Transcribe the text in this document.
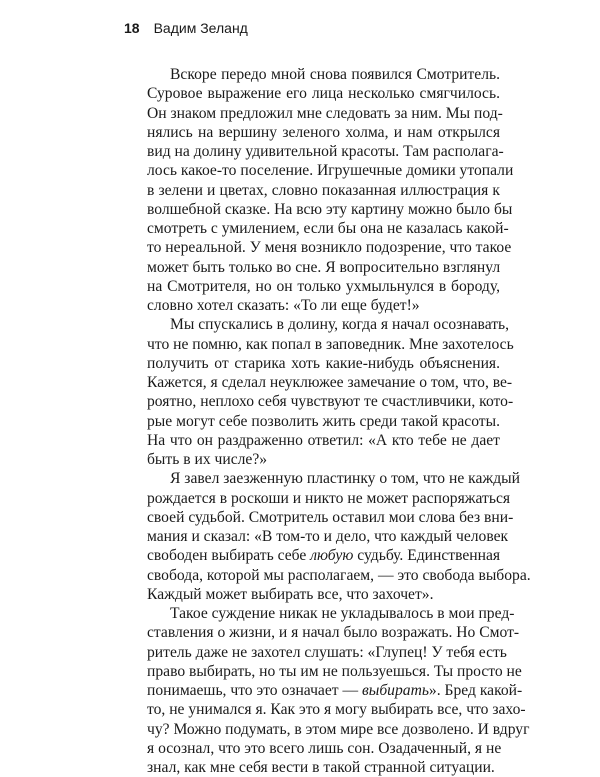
18 Вадим Зеланд
Вскоре передо мной снова появился Смотритель.
Суровое выражение его лица несколько смягчилось.
Он знаком предложил мне следовать за ним. Мы под-
нялись на вершину зеленого холма, и нам открылся
вид на долину удивительной красоты. Там располага-
лось какое-то поселение. Игрушечные домики утопали
в зелени и цветах, словно показанная иллюстрация к
волшебной сказке. На всю эту картину можно было бы
смотреть с умилением, если бы она не казалась какой-
то нереальной. У меня возникло подозрение, что такое
может быть только во сне. Я вопросительно взглянул
на Смотрителя, но он только ухмыльнулся в бороду,
словно хотел сказать: «То ли еще будет!»
Мы спускались в долину, когда я начал осознавать,
что не помню, как попал в заповедник. Мне захотелось
получить от старика хоть какие-нибудь объяснения.
Кажется, я сделал неуклюжее замечание о том, что, ве-
роятно, неплохо себя чувствуют те счастливчики, кото-
рые могут себе позволить жить среди такой красоты.
На что он раздраженно ответил: «А кто тебе не дает
быть в их числе?»
Я завел заезженную пластинку о том, что не каждый
рождается в роскоши и никто не может распоряжаться
своей судьбой. Смотритель оставил мои слова без вни-
мания и сказал: «В том-то и дело, что каждый человек
свободен выбирать себе любую судьбу. Единственная
свобода, которой мы располагаем, — это свобода выбора.
Каждый может выбирать все, что захочет».
Такое суждение никак не укладывалось в мои пред-
ставления о жизни, и я начал было возражать. Но Смот-
ритель даже не захотел слушать: «Глупец! У тебя есть
право выбирать, но ты им не пользуешься. Ты просто не
понимаешь, что это означает — выбирать». Бред какой-
то, не унимался я. Как это я могу выбирать все, что захо-
чу? Можно подумать, в этом мире все дозволено. И вдруг
я осознал, что это всего лишь сон. Озадаченный, я не
знал, как мне себя вести в такой странной ситуации.
